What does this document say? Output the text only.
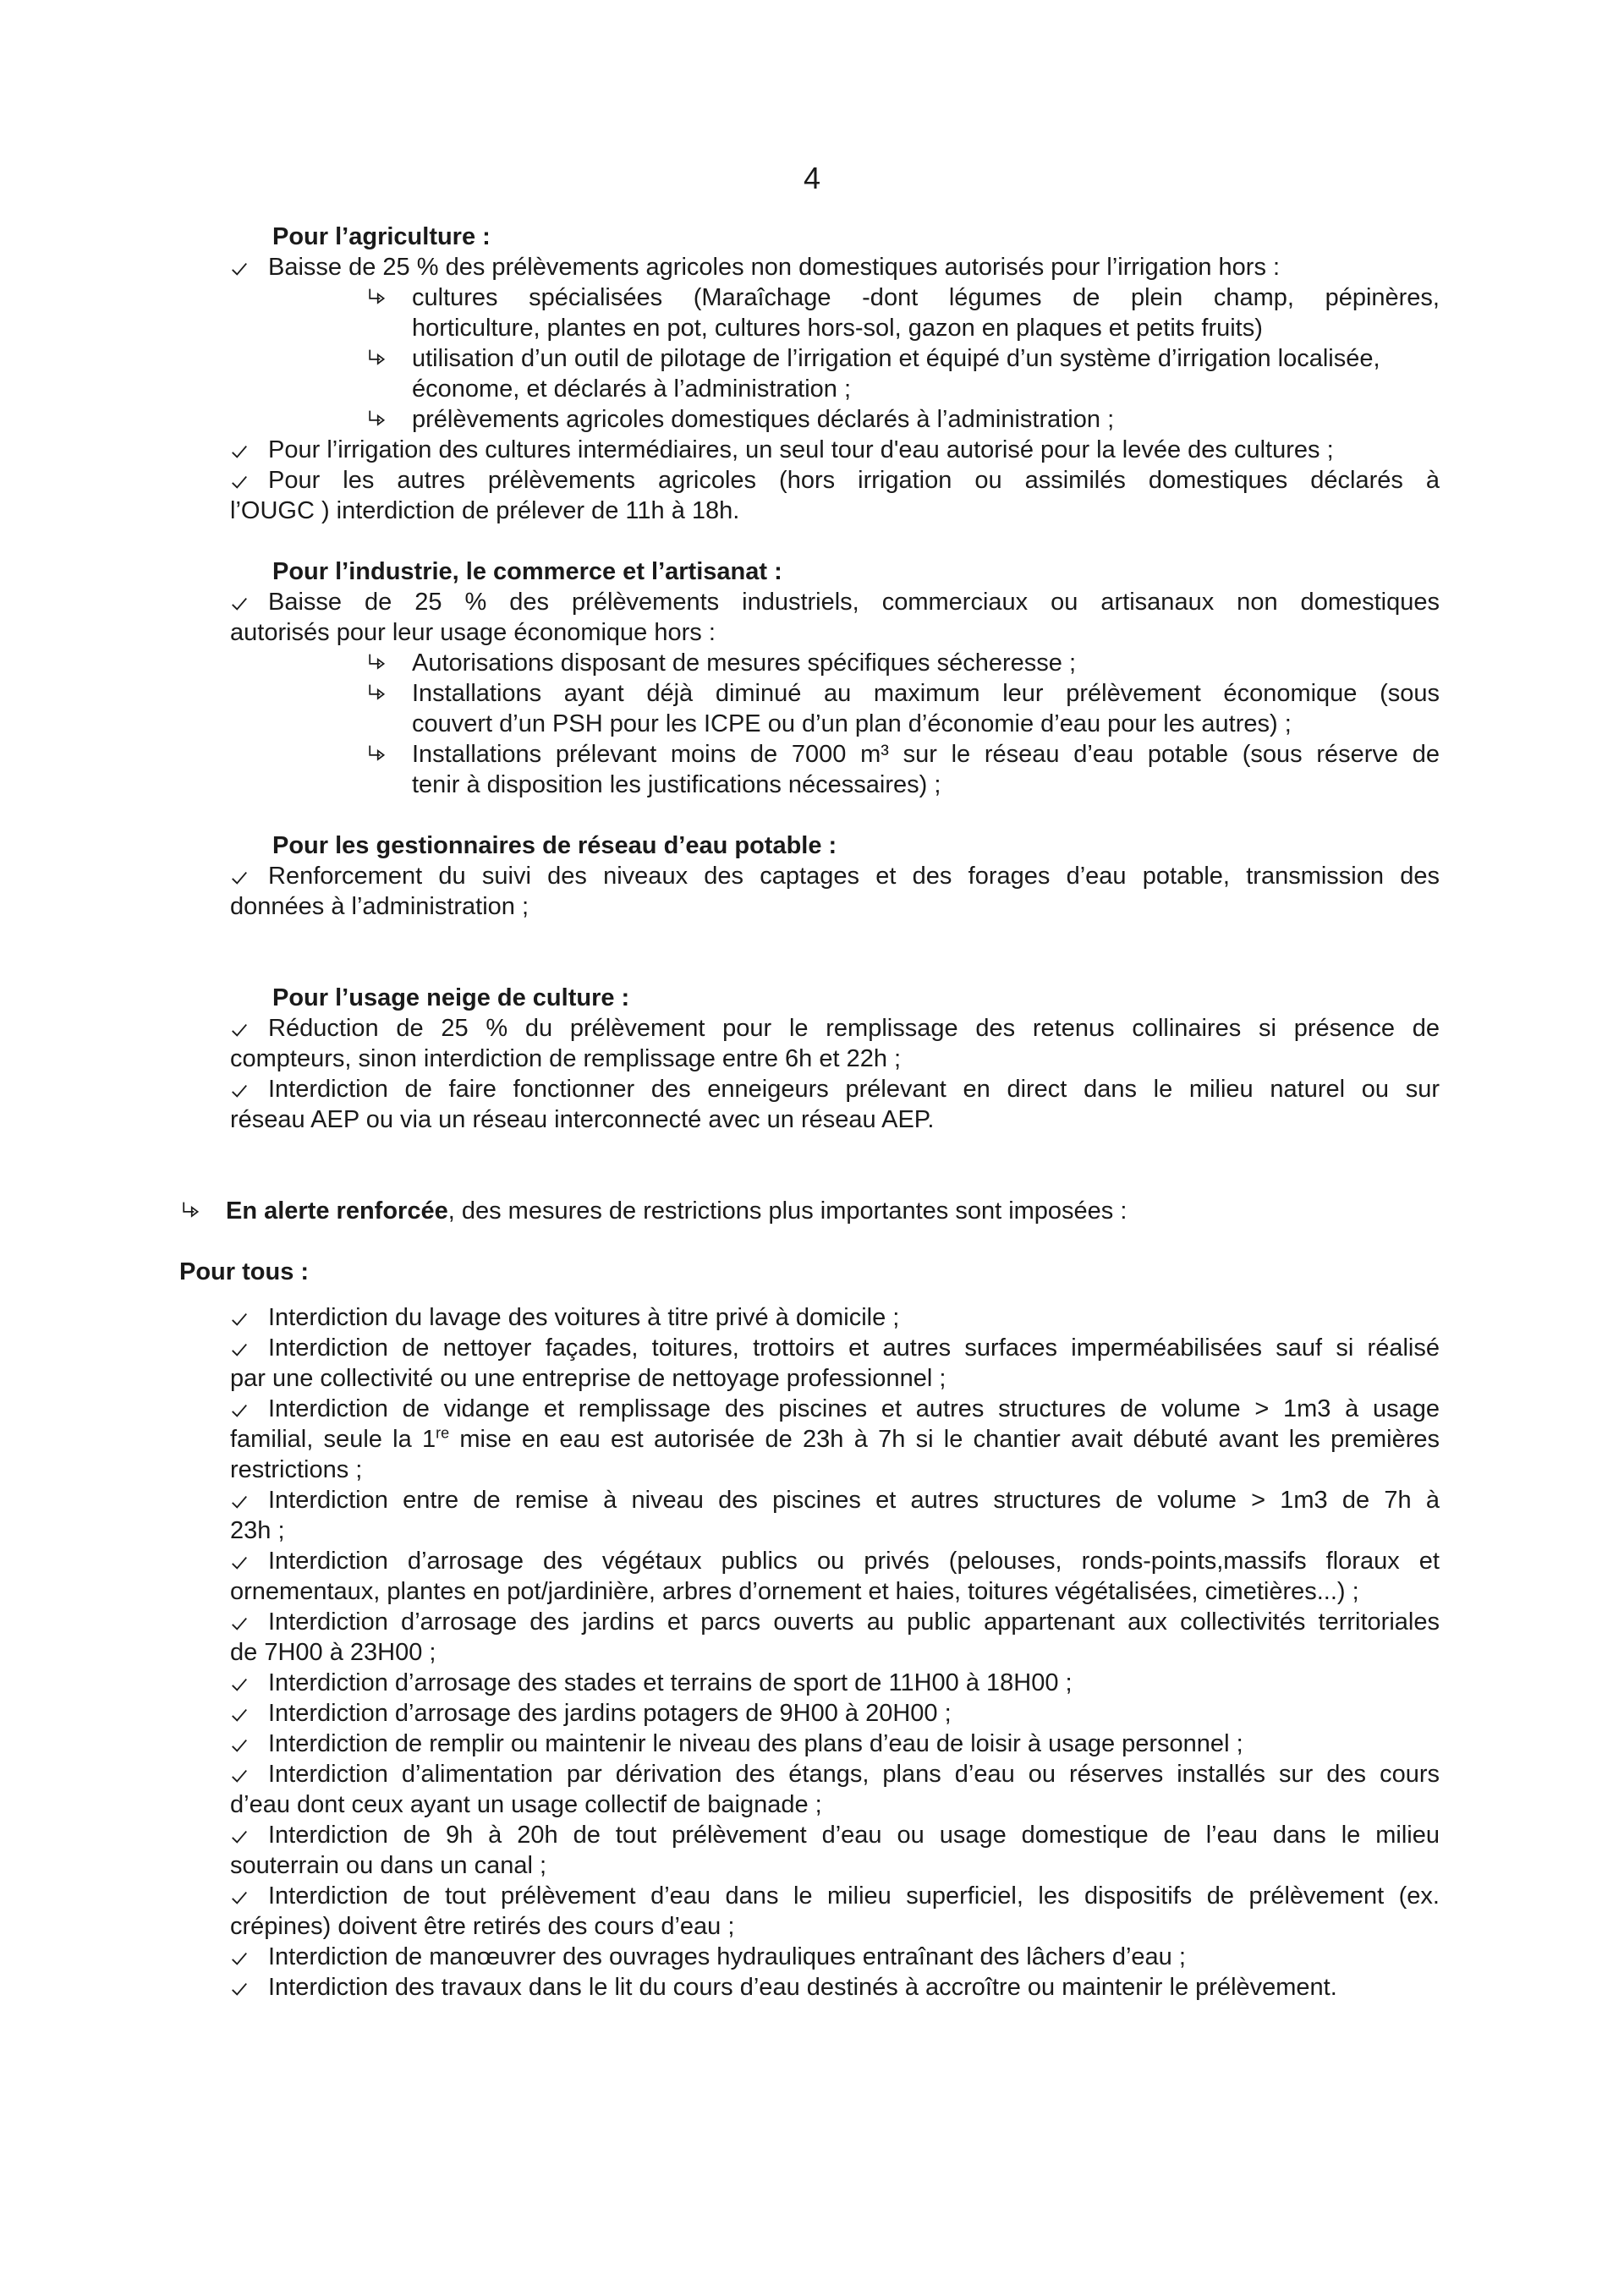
4
Pour l’agriculture :
Baisse de 25 % des prélèvements agricoles non domestiques autorisés pour l’irrigation hors :
cultures spécialisées (Maraîchage -dont légumes de plein champ, pépinères,
horticulture, plantes en pot, cultures hors-sol, gazon en plaques et petits fruits)
utilisation d’un outil de pilotage de l’irrigation et équipé d’un système d’irrigation localisée,
économe, et déclarés à l’administration ;
prélèvements agricoles domestiques déclarés à l’administration ;
Pour l’irrigation des cultures intermédiaires, un seul tour d'eau autorisé pour la levée des cultures ;
Pour les autres prélèvements agricoles (hors irrigation ou assimilés domestiques déclarés à
l’OUGC ) interdiction de prélever de 11h à 18h.
Pour l’industrie, le commerce et l’artisanat :
Baisse de 25 % des prélèvements industriels, commerciaux ou artisanaux non domestiques
autorisés pour leur usage économique hors :
Autorisations disposant de mesures spécifiques sécheresse ;
Installations ayant déjà diminué au maximum leur prélèvement économique (sous
couvert d’un PSH pour les ICPE ou d’un plan d’économie d’eau pour les autres) ;
Installations prélevant moins de 7000 m³ sur le réseau d’eau potable (sous réserve de
tenir à disposition les justifications nécessaires) ;
Pour les gestionnaires de réseau d’eau potable :
Renforcement du suivi des niveaux des captages et des forages d’eau potable, transmission des
données à l’administration ;
Pour l’usage neige de culture :
Réduction de 25 % du prélèvement pour le remplissage des retenus collinaires si présence de
compteurs, sinon interdiction de remplissage entre 6h et 22h ;
Interdiction de faire fonctionner des enneigeurs prélevant en direct dans le milieu naturel ou sur
réseau AEP ou via un réseau interconnecté avec un réseau AEP.
En alerte renforcée, des mesures de restrictions plus importantes sont imposées :
Pour tous :
Interdiction du lavage des voitures à titre privé à domicile ;
Interdiction de nettoyer façades, toitures, trottoirs et autres surfaces imperméabilisées sauf si réalisé
par une collectivité ou une entreprise de nettoyage professionnel ;
Interdiction de vidange et remplissage des piscines et autres structures de volume > 1m3 à usage
familial, seule la 1re mise en eau est autorisée de 23h à 7h si le chantier avait débuté avant les premières
restrictions ;
Interdiction entre de remise à niveau des piscines et autres structures de volume > 1m3 de 7h à
23h ;
Interdiction d’arrosage des végétaux publics ou privés (pelouses, ronds-points,massifs floraux et
ornementaux, plantes en pot/jardinière, arbres d’ornement et haies, toitures végétalisées, cimetières...) ;
Interdiction d’arrosage des jardins et parcs ouverts au public appartenant aux collectivités territoriales
de 7H00 à 23H00 ;
Interdiction d’arrosage des stades et terrains de sport de 11H00 à 18H00 ;
Interdiction d’arrosage des jardins potagers de 9H00 à 20H00 ;
Interdiction de remplir ou maintenir le niveau des plans d’eau de loisir à usage personnel ;
Interdiction d’alimentation par dérivation des étangs, plans d’eau ou réserves installés sur des cours
d’eau dont ceux ayant un usage collectif de baignade ;
Interdiction de 9h à 20h de tout prélèvement d’eau ou usage domestique de l’eau dans le milieu
souterrain ou dans un canal ;
Interdiction de tout prélèvement d’eau dans le milieu superficiel, les dispositifs de prélèvement (ex.
crépines) doivent être retirés des cours d’eau ;
Interdiction de manœuvrer des ouvrages hydrauliques entraînant des lâchers d’eau ;
Interdiction des travaux dans le lit du cours d’eau destinés à accroître ou maintenir le prélèvement.
